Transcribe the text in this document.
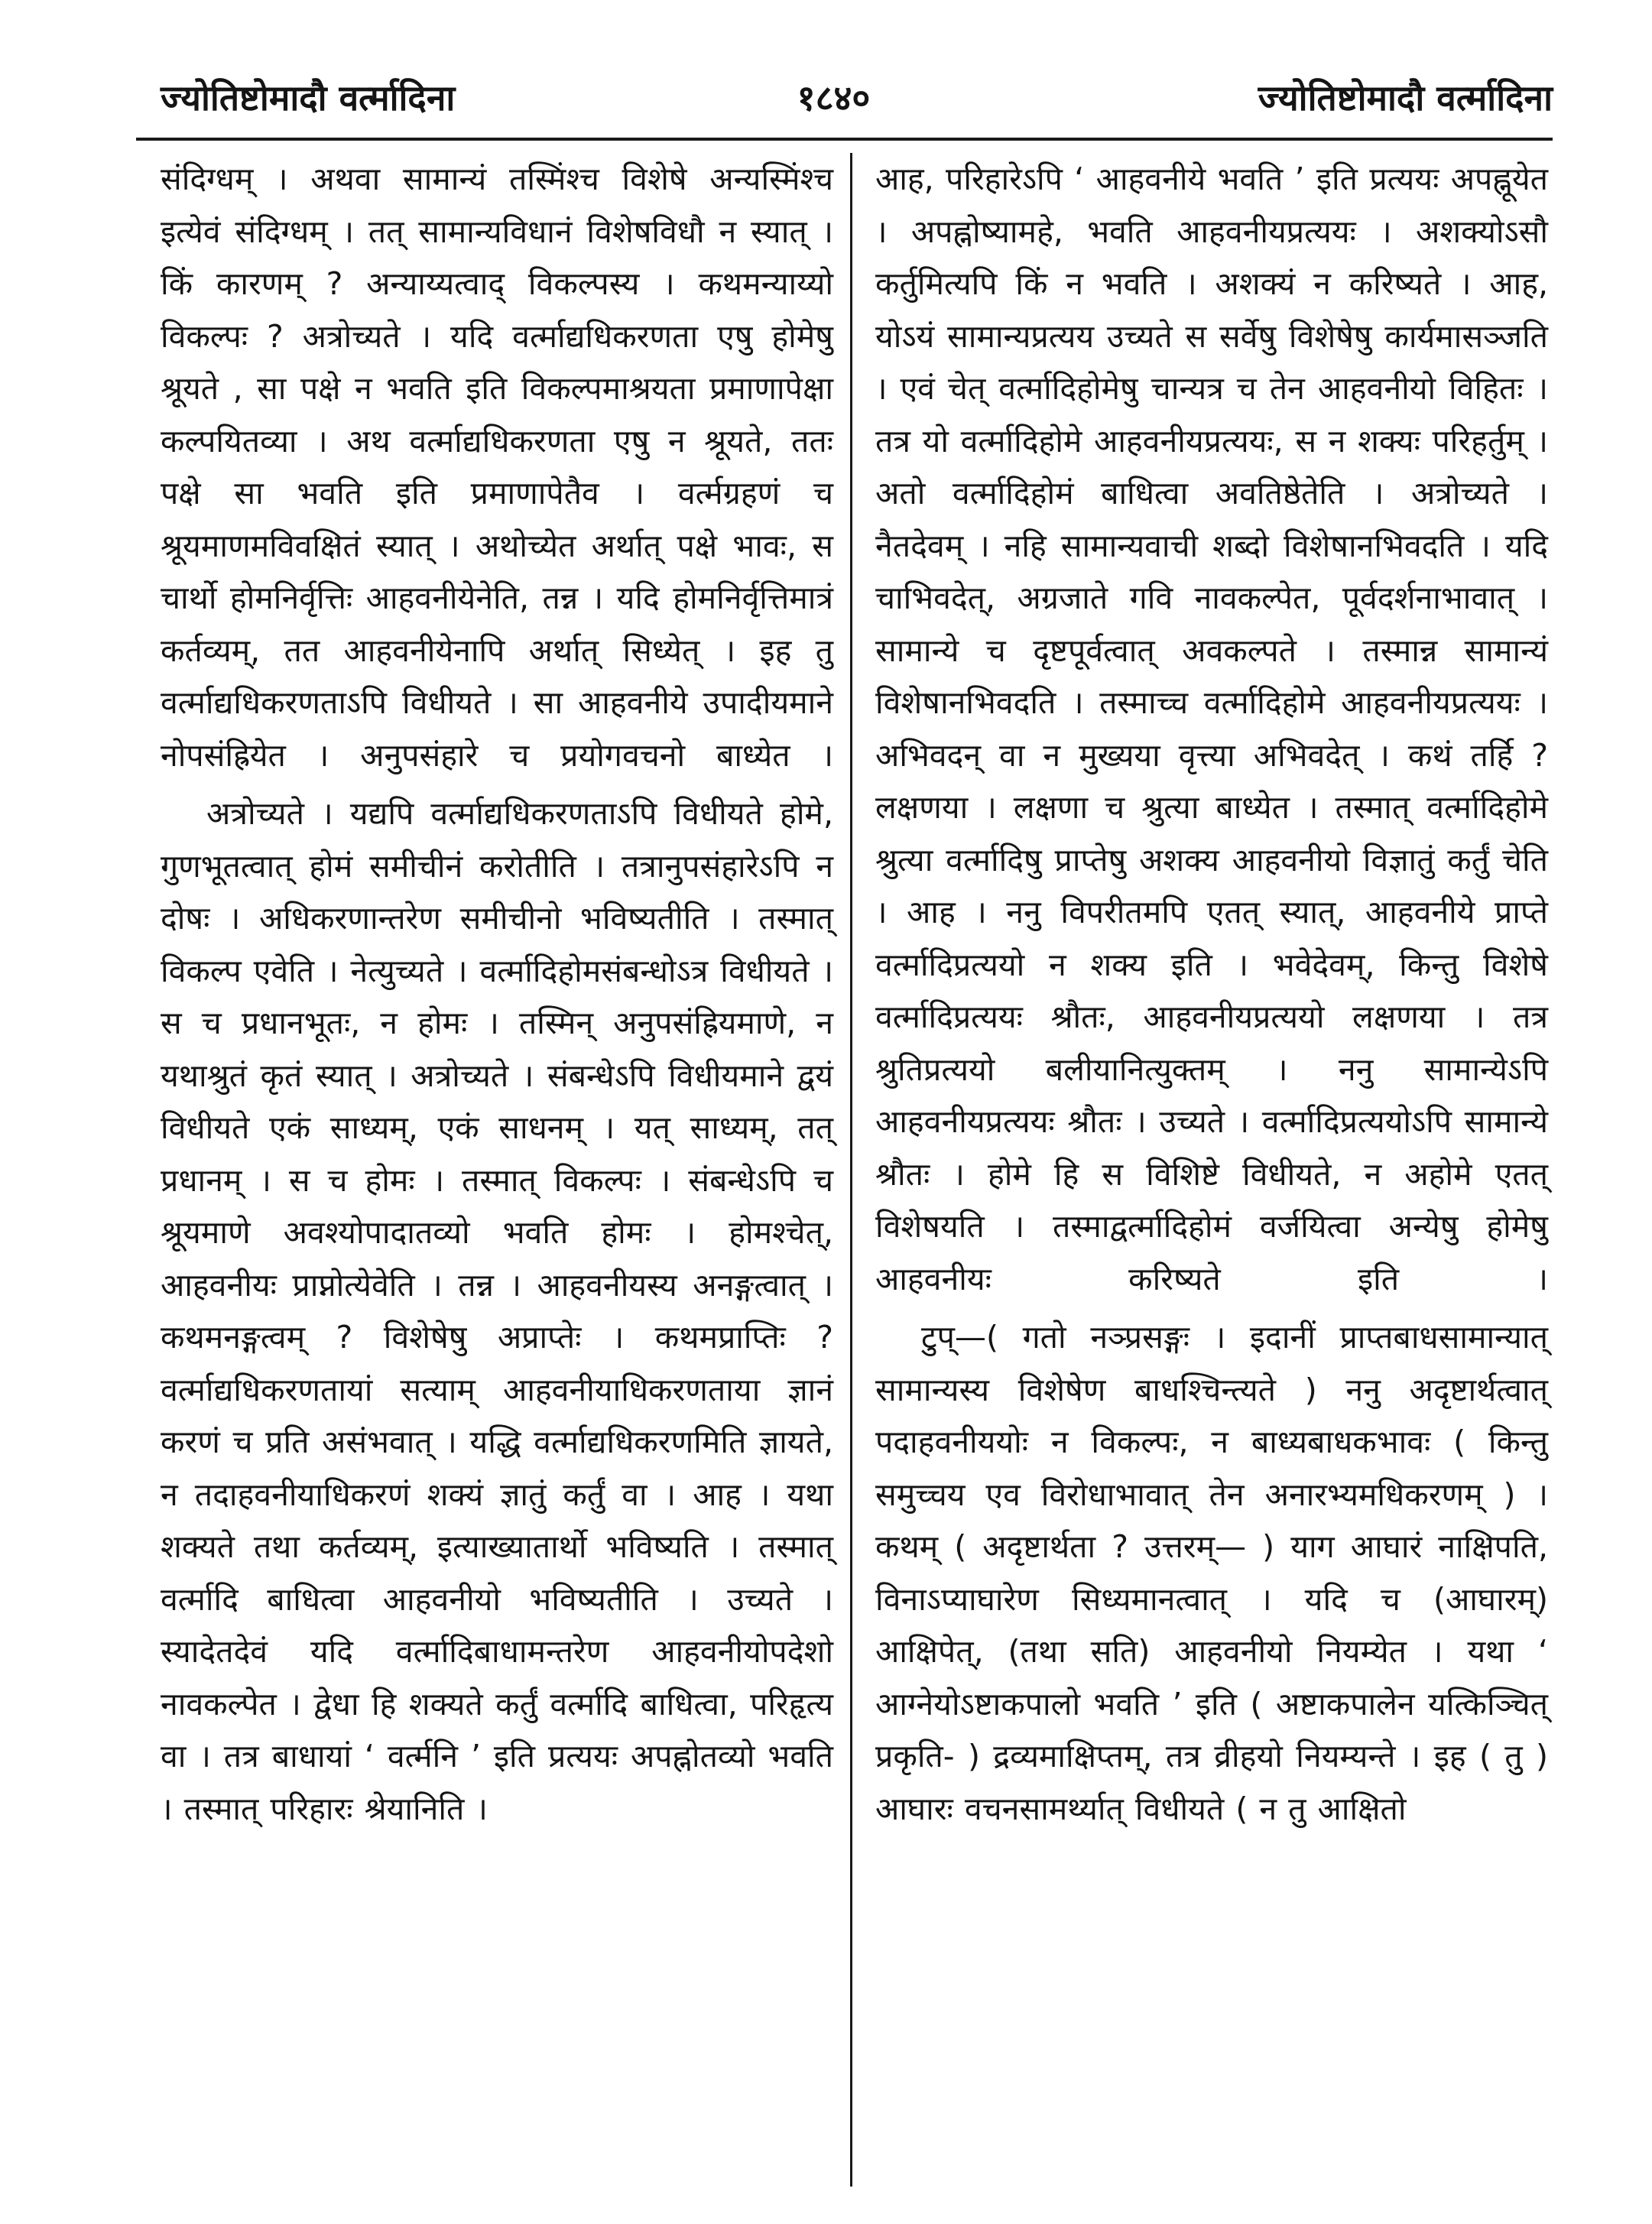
ज्योतिष्टोमादौ वर्त्मादिना	१८४०	ज्योतिष्टोमादौ वर्त्मादिना

संदिग्धम् । अथवा सामान्यं तस्मिंश्च विशेषे अन्यस्मिंश्च इत्येवं संदिग्धम् । तत् सामान्यविधानं विशेषविधौ न स्यात् । किं कारणम् ? अन्याय्यत्वाद् विकल्पस्य । कथमन्याय्यो विकल्पः ? अत्रोच्यते । यदि वर्त्माद्यधिकरणता एषु होमेषु श्रूयते , सा पक्षे न भवति इति विकल्पमाश्रयता प्रमाणापेक्षा कल्पयितव्या । अथ वर्त्माद्यधिकरणता एषु न श्रूयते, ततः पक्षे सा भवति इति प्रमाणापेतैव । वर्त्मग्रहणं च श्रूयमाणमविवक्षितं स्यात् । अथोच्येत अर्थात् पक्षे भावः, स चार्थो होमनिर्वृत्तिः आहवनीयेनेति, तन्न । यदि होमनिर्वृत्तिमात्रं कर्तव्यम्, तत आहवनीयेनापि अर्थात् सिध्येत् । इह तु वर्त्माद्यधिकरणताऽपि विधीयते । सा आहवनीये उपादीयमाने नोपसंह्रियेत । अनुपसंहारे च प्रयोगवचनो बाध्येत ।

अत्रोच्यते । यद्यपि वर्त्माद्यधिकरणताऽपि विधीयते होमे, गुणभूतत्वात् होमं समीचीनं करोतीति । तत्रानुपसंहारेऽपि न दोषः । अधिकरणान्तरेण समीचीनो भविष्यतीति । तस्मात् विकल्प एवेति । नेत्युच्यते । वर्त्मादिहोमसंबन्धोऽत्र विधीयते । स च प्रधानभूतः, न होमः । तस्मिन् अनुपसंह्रियमाणे, न यथाश्रुतं कृतं स्यात् । अत्रोच्यते । संबन्धेऽपि विधीयमाने द्वयं विधीयते एकं साध्यम्, एकं साधनम् । यत् साध्यम्, तत् प्रधानम् । स च होमः । तस्मात् विकल्पः । संबन्धेऽपि च श्रूयमाणे अवश्योपादातव्यो भवति होमः । होमश्चेत्, आहवनीयः प्राप्नोत्येवेति । तन्न । आहवनीयस्य अनङ्गत्वात् । कथमनङ्गत्वम् ? विशेषेषु अप्राप्तेः । कथमप्राप्तिः ? वर्त्माद्यधिकरणतायां सत्याम् आहवनीयाधिकरणताया ज्ञानं करणं च प्रति असंभवात् । यद्धि वर्त्माद्यधिकरणमिति ज्ञायते, न तदाहवनीयाधिकरणं शक्यं ज्ञातुं कर्तुं वा । आह । यथा शक्यते तथा कर्तव्यम्, इत्याख्यातार्थो भविष्यति । तस्मात् वर्त्मादि बाधित्वा आहवनीयो भविष्यतीति । उच्यते । स्यादेतदेवं यदि वर्त्मादिबाधामन्तरेण आहवनीयोपदेशो नावकल्पेत । द्वेधा हि शक्यते कर्तुं वर्त्मादि बाधित्वा, परिहृत्य वा । तत्र बाधायां ‘ वर्त्मनि ’ इति प्रत्ययः अपह्नोतव्यो भवति । तस्मात् परिहारः श्रेयानिति ।

आह, परिहारेऽपि ‘ आहवनीये भवति ’ इति प्रत्ययः अपह्नूयेत । अपह्नोष्यामहे, भवति आहवनीयप्रत्ययः । अशक्योऽसौ कर्तुमित्यपि किं न भवति । अशक्यं न करिष्यते । आह, योऽयं सामान्यप्रत्यय उच्यते स सर्वेषु विशेषेषु कार्यमासञ्जति । एवं चेत् वर्त्मादिहोमेषु चान्यत्र च तेन आहवनीयो विहितः । तत्र यो वर्त्मादिहोमे आहवनीयप्रत्ययः, स न शक्यः परिहर्तुम् । अतो वर्त्मादिहोमं बाधित्वा अवतिष्ठेतेति । अत्रोच्यते । नैतदेवम् । नहि सामान्यवाची शब्दो विशेषानभिवदति । यदि चाभिवदेत्, अग्रजाते गवि नावकल्पेत, पूर्वदर्शनाभावात् । सामान्ये च दृष्टपूर्वत्वात् अवकल्पते । तस्मान्न सामान्यं विशेषानभिवदति । तस्माच्च वर्त्मादिहोमे आहवनीयप्रत्ययः । अभिवदन् वा न मुख्यया वृत्त्या अभिवदेत् । कथं तर्हि ? लक्षणया । लक्षणा च श्रुत्या बाध्येत । तस्मात् वर्त्मादिहोमे श्रुत्या वर्त्मादिषु प्राप्तेषु अशक्य आहवनीयो विज्ञातुं कर्तुं चेति । आह । ननु विपरीतमपि एतत् स्यात्, आहवनीये प्राप्ते वर्त्मादिप्रत्ययो न शक्य इति । भवेदेवम्, किन्तु विशेषे वर्त्मादिप्रत्ययः श्रौतः, आहवनीयप्रत्ययो लक्षणया । तत्र श्रुतिप्रत्ययो बलीयानित्युक्तम् । ननु सामान्येऽपि आहवनीयप्रत्ययः श्रौतः । उच्यते । वर्त्मादिप्रत्ययोऽपि सामान्ये श्रौतः । होमे हि स विशिष्टे विधीयते, न अहोमे एतत् विशेषयति । तस्माद्वर्त्मादिहोमं वर्जयित्वा अन्येषु होमेषु आहवनीयः करिष्यते इति ।

टुप्—( गतो नञ्प्रसङ्गः । इदानीं प्राप्तबाधसामान्यात् सामान्यस्य विशेषेण बाधश्चिन्त्यते ) ननु अदृष्टार्थत्वात् पदाहवनीययोः न विकल्पः, न बाध्यबाधकभावः ( किन्तु समुच्चय एव विरोधाभावात् तेन अनारभ्यमधिकरणम् ) । कथम् ( अदृष्टार्थता ? उत्तरम्— ) याग आघारं नाक्षिपति, विनाऽप्याघारेण सिध्यमानत्वात् । यदि च (आघारम्) आक्षिपेत्, (तथा सति) आहवनीयो नियम्येत । यथा ‘ आग्नेयोऽष्टाकपालो भवति ’ इति ( अष्टाकपालेन यत्किञ्चित् प्रकृति- ) द्रव्यमाक्षिप्तम्, तत्र व्रीहयो नियम्यन्ते । इह ( तु ) आघारः वचनसामर्थ्यात् विधीयते ( न तु आक्षितो
